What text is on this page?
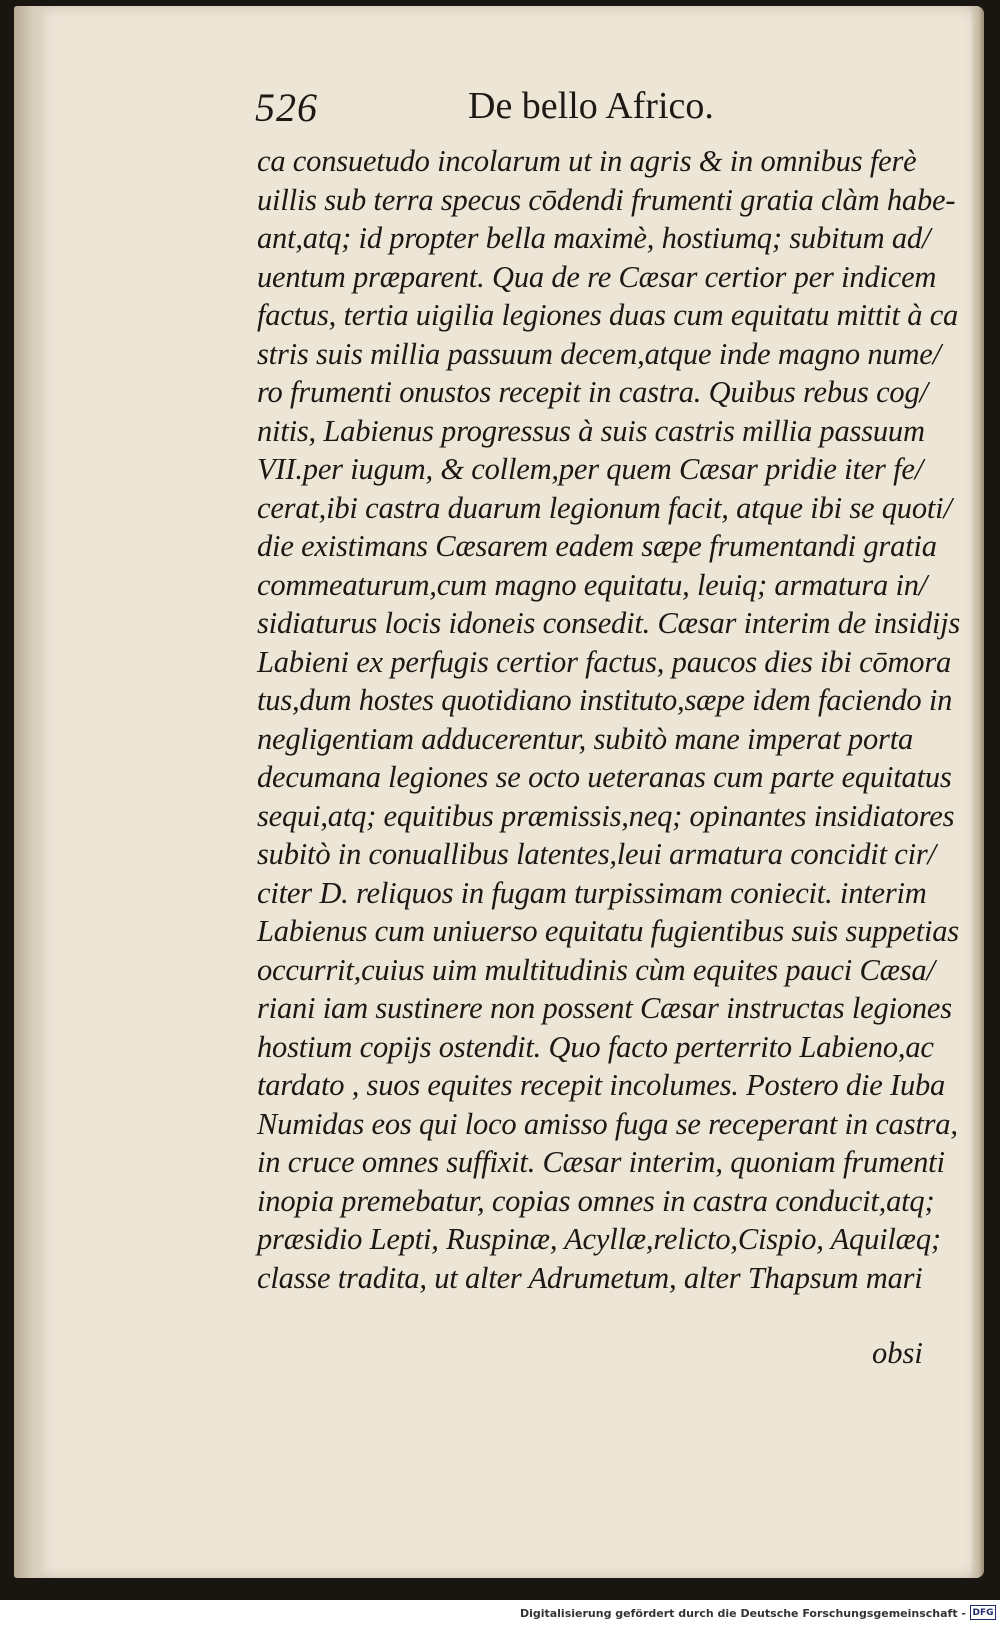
526	De bello Africo.
ca consuetudo incolarum ut in agris & in omnibus ferè
uillis sub terra specus cōdendi frumenti gratia clàm habe-
ant,atq; id propter bella maximè, hostiumq; subitum ad/
uentum præparent. Qua de re Cæsar certior per indicem
factus, tertia uigilia legiones duas cum equitatu mittit à ca
stris suis millia passuum decem,atque inde magno nume/
ro frumenti onustos recepit in castra. Quibus rebus cog/
nitis, Labienus progressus à suis castris millia passuum
VII.per iugum, & collem,per quem Cæsar pridie iter fe/
cerat,ibi castra duarum legionum facit, atque ibi se quoti/
die existimans Cæsarem eadem sæpe frumentandi gratia
commeaturum,cum magno equitatu, leuiq; armatura in/
sidiaturus locis idoneis consedit. Cæsar interim de insidijs
Labieni ex perfugis certior factus, paucos dies ibi cōmora
tus,dum hostes quotidiano instituto,sæpe idem faciendo in
negligentiam adducerentur, subitò mane imperat porta
decumana legiones se octo ueteranas cum parte equitatus
sequi,atq; equitibus præmissis,neq; opinantes insidiatores
subitò in conuallibus latentes,leui armatura concidit cir/
citer D. reliquos in fugam turpissimam coniecit. interim
Labienus cum uniuerso equitatu fugientibus suis suppetias
occurrit,cuius uim multitudinis cùm equites pauci Cæsa/
riani iam sustinere non possent Cæsar instructas legiones
hostium copijs ostendit. Quo facto perterrito Labieno,ac
tardato , suos equites recepit incolumes. Postero die Iuba
Numidas eos qui loco amisso fuga se receperant in castra,
in cruce omnes suffixit. Cæsar interim, quoniam frumenti
inopia premebatur, copias omnes in castra conducit,atq;
præsidio Lepti, Ruspinæ, Acyllæ,relicto,Cispio, Aquilæq;
classe tradita, ut alter Adrumetum, alter Thapsum mari
obsi
Digitalisierung gefördert durch die Deutsche Forschungsgemeinschaft - DFG
